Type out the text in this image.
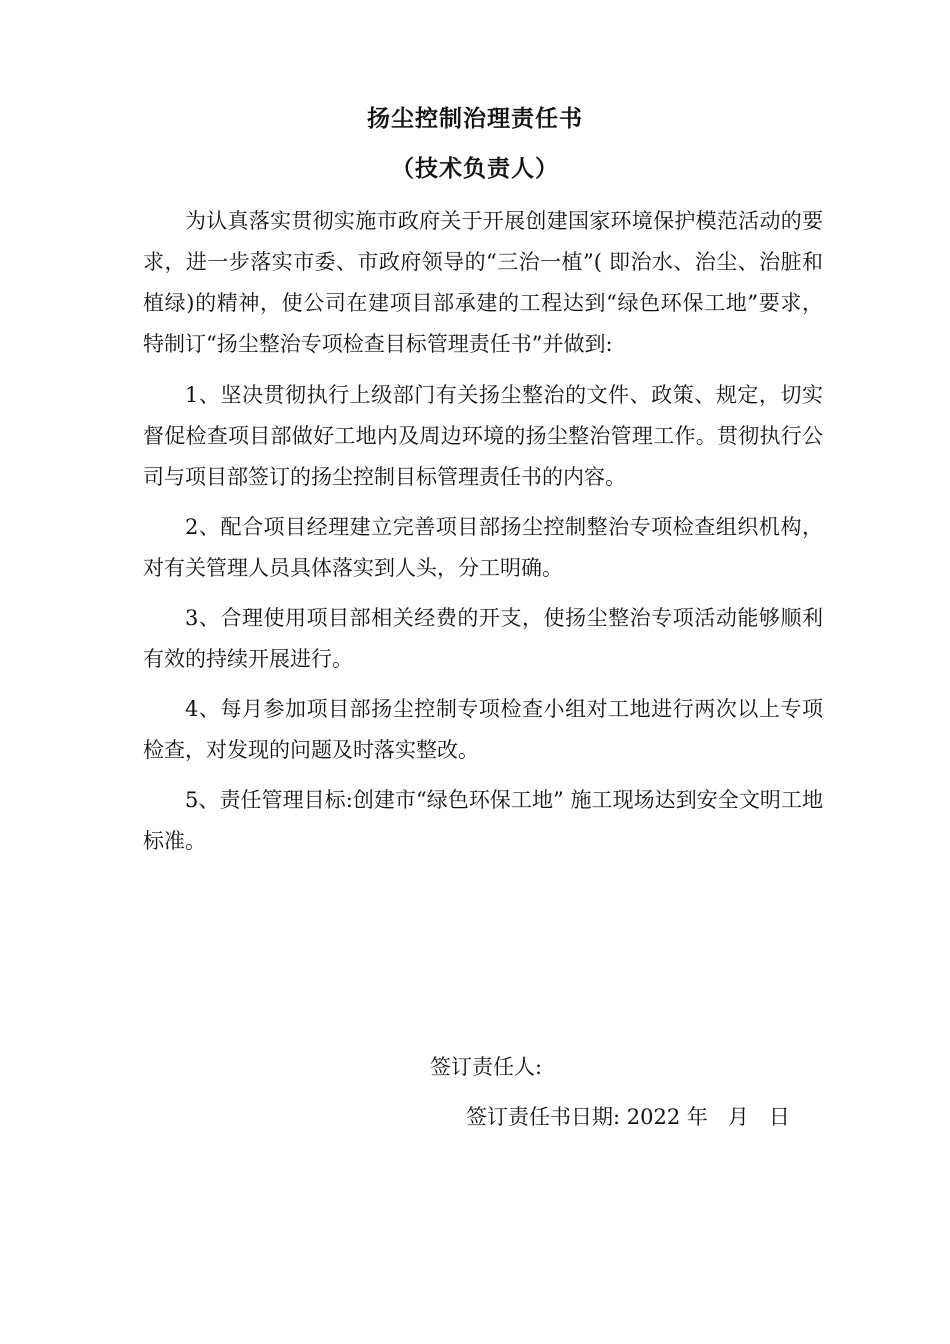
扬尘控制治理责任书
（技术负责人）

为认真落实贯彻实施市政府关于开展创建国家环境保护模范活动的要求，进一步落实市委、市政府领导的“三治一植”( 即治水、治尘、治脏和植绿)的精神，使公司在建项目部承建的工程达到“绿色环保工地”要求，特制订“扬尘整治专项检查目标管理责任书”并做到:

1、坚决贯彻执行上级部门有关扬尘整治的文件、政策、规定，切实督促检查项目部做好工地内及周边环境的扬尘整治管理工作。贯彻执行公司与项目部签订的扬尘控制目标管理责任书的内容。

2、配合项目经理建立完善项目部扬尘控制整治专项检查组织机构，对有关管理人员具体落实到人头，分工明确。

3、合理使用项目部相关经费的开支，使扬尘整治专项活动能够顺利有效的持续开展进行。

4、每月参加项目部扬尘控制专项检查小组对工地进行两次以上专项检查，对发现的问题及时落实整改。

5、责任管理目标:创建市“绿色环保工地” 施工现场达到安全文明工地标准。

签订责任人:
签订责任书日期: 2022 年   月   日
